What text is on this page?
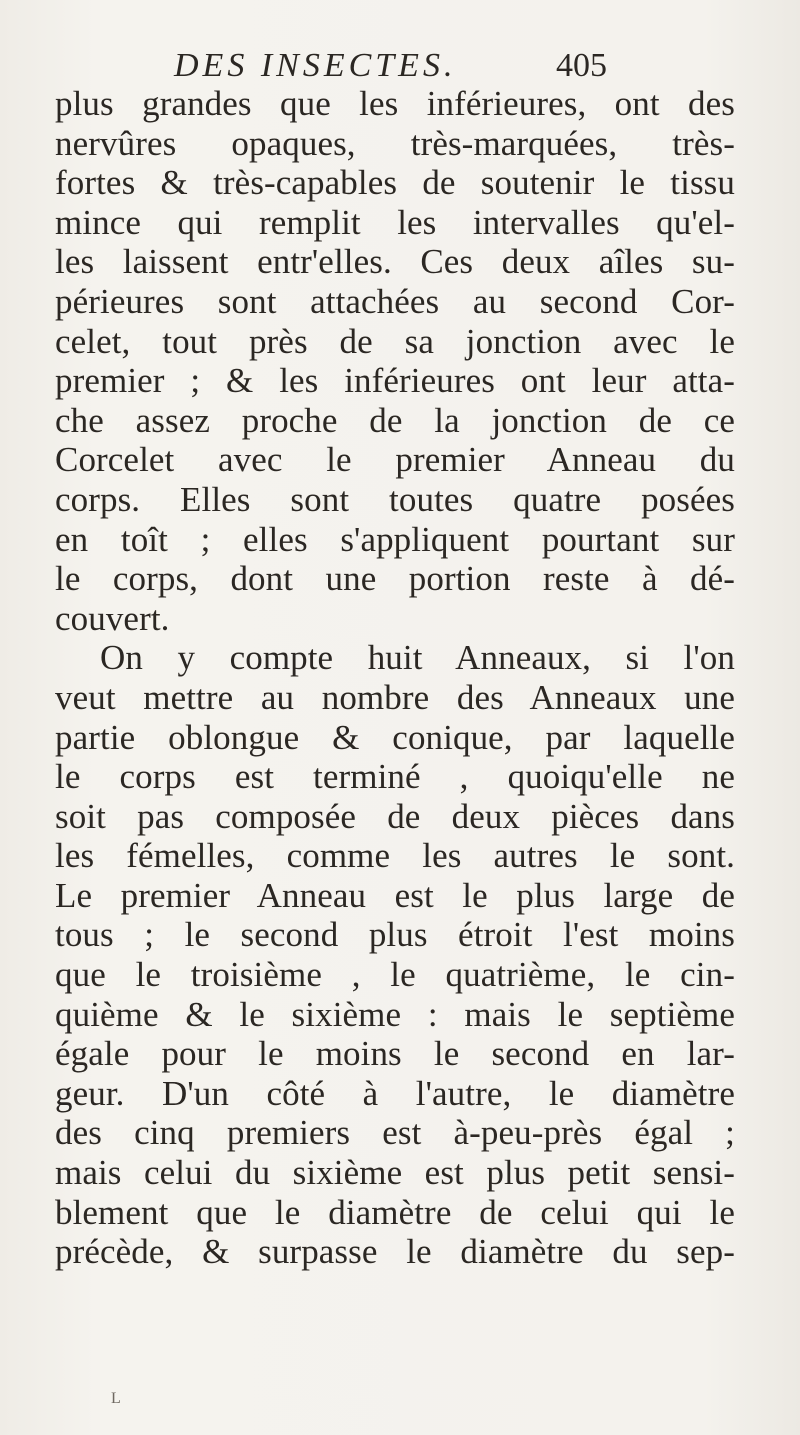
DES INSECTES.	405
plus grandes que les inférieures, ont des
nervûres opaques, très-marquées, très-
fortes & très-capables de soutenir le tissu
mince qui remplit les intervalles qu'el-
les laissent entr'elles. Ces deux aîles su-
périeures sont attachées au second Cor-
celet, tout près de sa jonction avec le
premier ; & les inférieures ont leur atta-
che assez proche de la jonction de ce
Corcelet avec le premier Anneau du
corps. Elles sont toutes quatre posées
en toît ; elles s'appliquent pourtant sur
le corps, dont une portion reste à dé-
couvert.
On y compte huit Anneaux, si l'on
veut mettre au nombre des Anneaux une
partie oblongue & conique, par laquelle
le corps est terminé , quoiqu'elle ne
soit pas composée de deux pièces dans
les fémelles, comme les autres le sont.
Le premier Anneau est le plus large de
tous ; le second plus étroit l'est moins
que le troisième , le quatrième, le cin-
quième & le sixième : mais le septième
égale pour le moins le second en lar-
geur. D'un côté à l'autre, le diamètre
des cinq premiers est à-peu-près égal ;
mais celui du sixième est plus petit sensi-
blement que le diamètre de celui qui le
précède, & surpasse le diamètre du sep-
L
